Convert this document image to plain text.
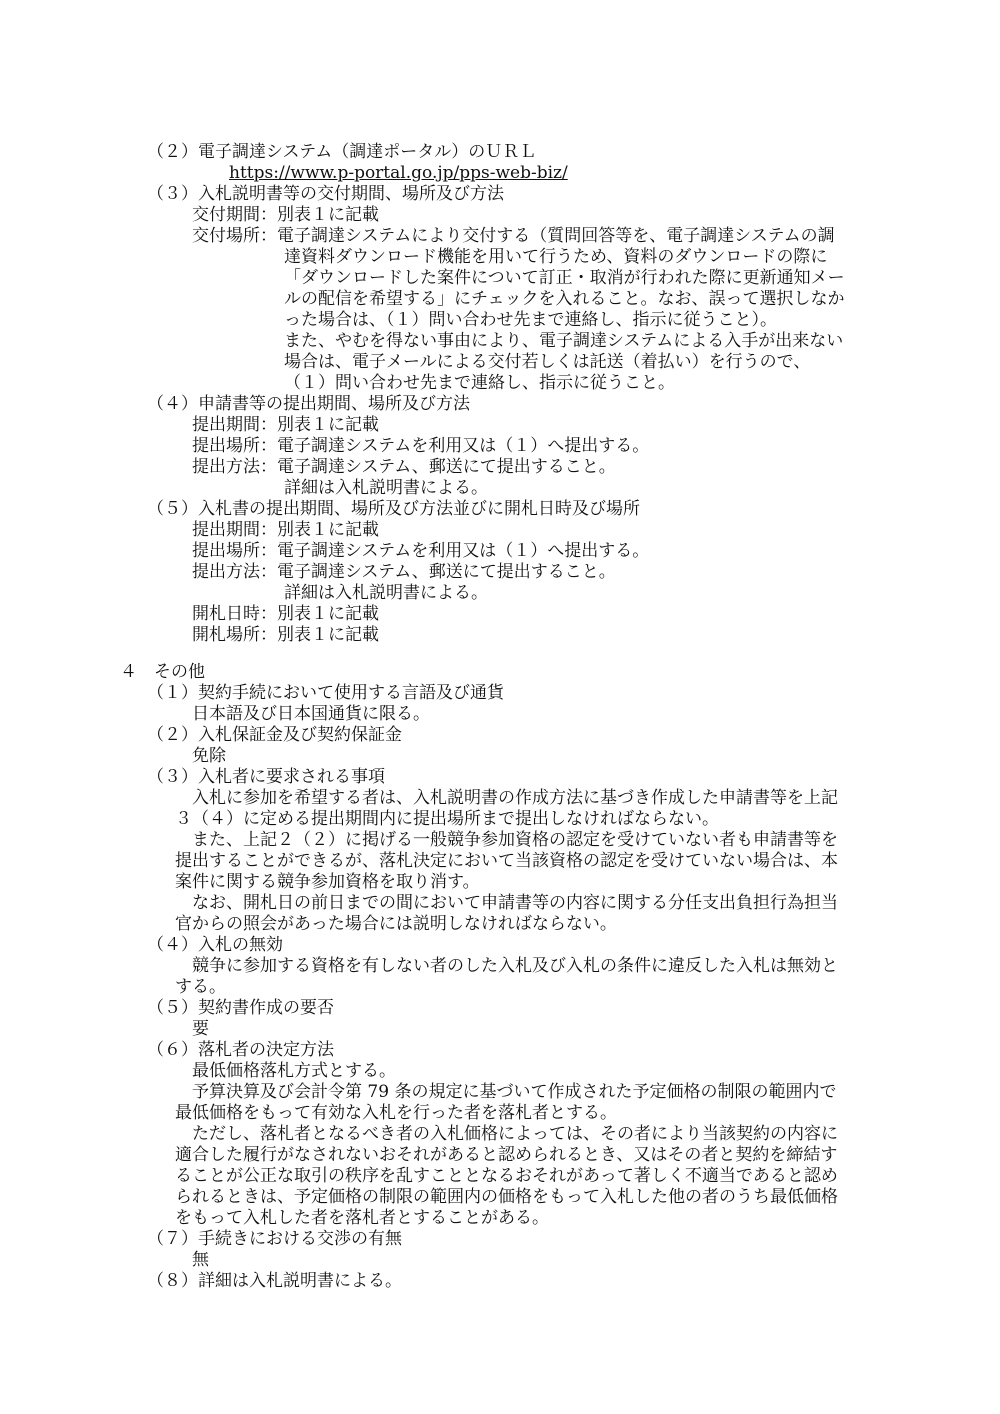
（２）電子調達システム（調達ポータル）のＵＲＬ
https://www.p-portal.go.jp/pps-web-biz/
（３）入札説明書等の交付期間、場所及び方法
交付期間：別表１に記載
交付場所：電子調達システムにより交付する（質問回答等を、電子調達システムの調
達資料ダウンロード機能を用いて行うため、資料のダウンロードの際に
「ダウンロードした案件について訂正・取消が行われた際に更新通知メー
ルの配信を希望する」にチェックを入れること。なお、誤って選択しなか
った場合は、（１）問い合わせ先まで連絡し、指示に従うこと）。
また、やむを得ない事由により、電子調達システムによる入手が出来ない
場合は、電子メールによる交付若しくは託送（着払い）を行うので、
（１）問い合わせ先まで連絡し、指示に従うこと。
（４）申請書等の提出期間、場所及び方法
提出期間：別表１に記載
提出場所：電子調達システムを利用又は（１）へ提出する。
提出方法：電子調達システム、郵送にて提出すること。
詳細は入札説明書による。
（５）入札書の提出期間、場所及び方法並びに開札日時及び場所
提出期間：別表１に記載
提出場所：電子調達システムを利用又は（１）へ提出する。
提出方法：電子調達システム、郵送にて提出すること。
詳細は入札説明書による。
開札日時：別表１に記載
開札場所：別表１に記載
４　その他
（１）契約手続において使用する言語及び通貨
日本語及び日本国通貨に限る。
（２）入札保証金及び契約保証金
免除
（３）入札者に要求される事項
入札に参加を希望する者は、入札説明書の作成方法に基づき作成した申請書等を上記
３（４）に定める提出期間内に提出場所まで提出しなければならない。
また、上記２（２）に掲げる一般競争参加資格の認定を受けていない者も申請書等を
提出することができるが、落札決定において当該資格の認定を受けていない場合は、本
案件に関する競争参加資格を取り消す。
なお、開札日の前日までの間において申請書等の内容に関する分任支出負担行為担当
官からの照会があった場合には説明しなければならない。
（４）入札の無効
競争に参加する資格を有しない者のした入札及び入札の条件に違反した入札は無効と
する。
（５）契約書作成の要否
要
（６）落札者の決定方法
最低価格落札方式とする。
予算決算及び会計令第 79 条の規定に基づいて作成された予定価格の制限の範囲内で
最低価格をもって有効な入札を行った者を落札者とする。
ただし、落札者となるべき者の入札価格によっては、その者により当該契約の内容に
適合した履行がなされないおそれがあると認められるとき、又はその者と契約を締結す
ることが公正な取引の秩序を乱すこととなるおそれがあって著しく不適当であると認め
られるときは、予定価格の制限の範囲内の価格をもって入札した他の者のうち最低価格
をもって入札した者を落札者とすることがある。
（７）手続きにおける交渉の有無
無
（８）詳細は入札説明書による。
